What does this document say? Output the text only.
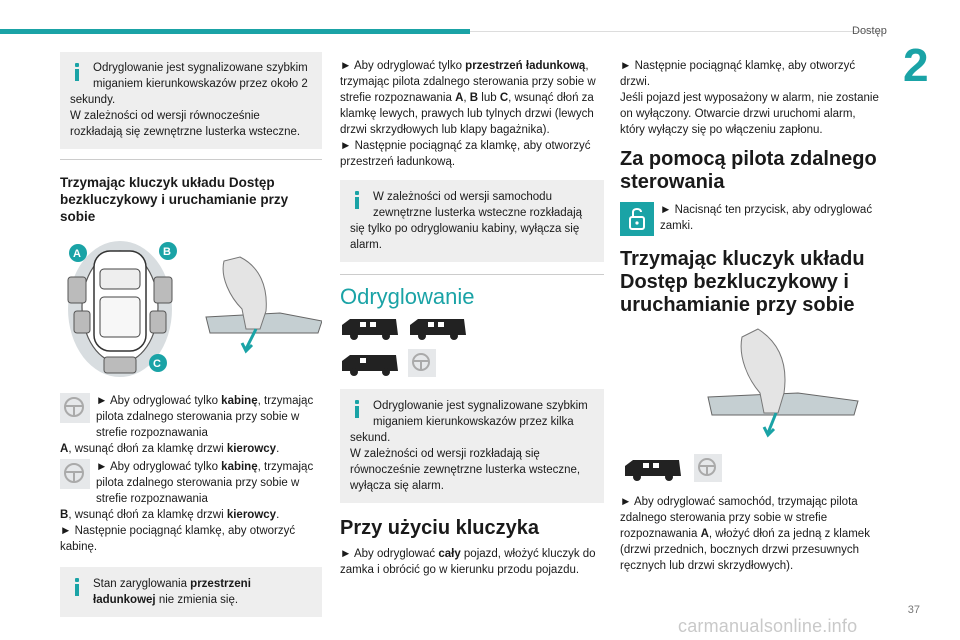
Dostęp
2
37
carmanualsonline.info
Odryglowanie jest sygnalizowane szybkim miganiem kierunkowskazów przez około 2

sekundy.

W zależności od wersji równocześnie rozkładają się zewnętrzne lusterka wsteczne.

Trzymając kluczyk układu Dostęp bezkluczykowy i uruchamianie przy sobie
A	B
C

► Aby odryglować tylko kabinę, trzymając pilota zdalnego sterowania przy sobie w strefie rozpoznawania

A, wsunąć dłoń za klamkę drzwi kierowcy.

► Aby odryglować tylko kabinę, trzymając pilota zdalnego sterowania przy sobie w strefie rozpoznawania

B, wsunąć dłoń za klamkę drzwi kierowcy.

► Następnie pociągnąć klamkę, aby otworzyć kabinę.

Stan zaryglowania przestrzeni ładunkowej nie zmienia się.

► Aby odryglować tylko przestrzeń ładunkową, trzymając pilota zdalnego sterowania przy sobie w strefie rozpoznawania A, B lub C, wsunąć dłoń za klamkę lewych, prawych lub tylnych drzwi (lewych drzwi skrzydłowych lub klapy bagażnika).

► Następnie pociągnąć za klamkę, aby otworzyć przestrzeń ładunkową.

W zależności od wersji samochodu zewnętrzne lusterka wsteczne rozkładają

się tylko po odryglowaniu kabiny, wyłącza się alarm.

Odryglowanie
Odryglowanie jest sygnalizowane szybkim miganiem kierunkowskazów przez kilka

sekund.

W zależności od wersji rozkładają się równocześnie zewnętrzne lusterka wsteczne, wyłącza się alarm.

Przy użyciu kluczyka

► Aby odryglować cały pojazd, włożyć kluczyk do zamka i obrócić go w kierunku przodu pojazdu.

► Następnie pociągnąć klamkę, aby otworzyć drzwi.

Jeśli pojazd jest wyposażony w alarm, nie zostanie on wyłączony. Otwarcie drzwi uruchomi alarm, który wyłączy się po włączeniu zapłonu.

Za pomocą pilota zdalnego sterowania

► Nacisnąć ten przycisk, aby odryglować zamki.

Trzymając kluczyk układu Dostęp bezkluczykowy i uruchamianie przy sobie

► Aby odryglować samochód, trzymając pilota zdalnego sterowania przy sobie w strefie rozpoznawania A, włożyć dłoń za jedną z klamek (drzwi przednich, bocznych drzwi przesuwnych ręcznych lub drzwi skrzydłowych).
